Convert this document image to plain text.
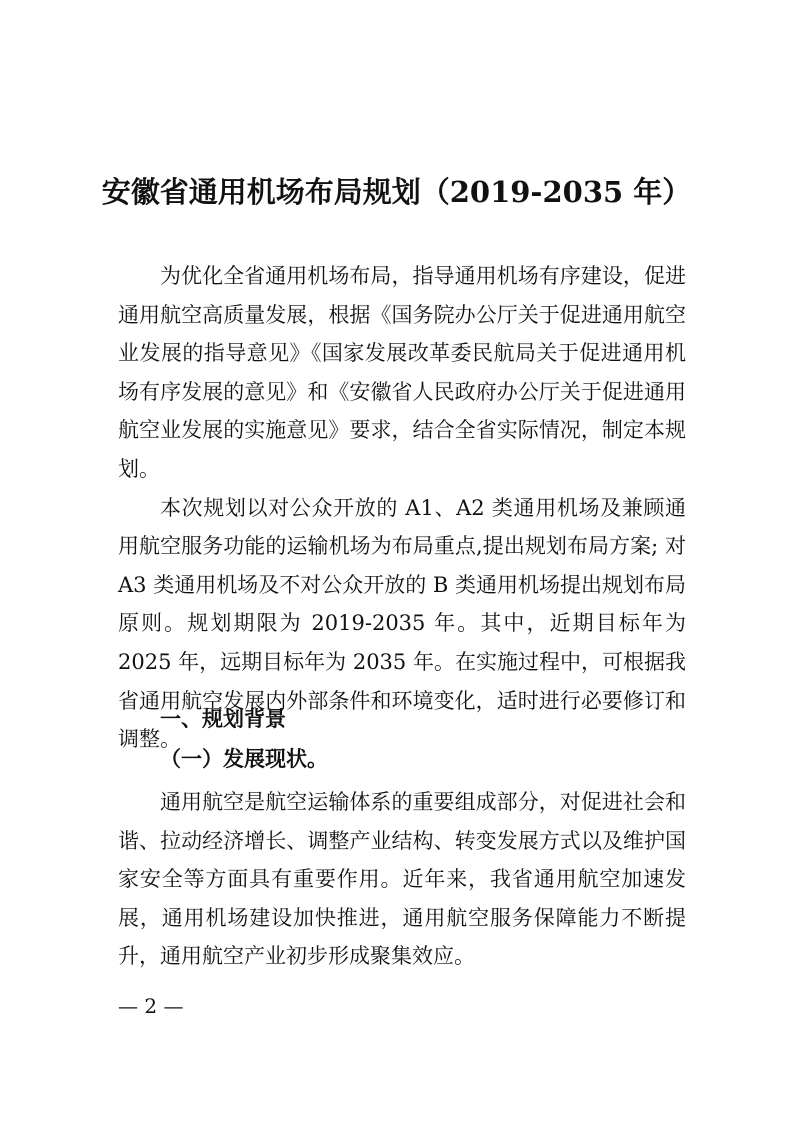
安徽省通用机场布局规划（2019-2035 年）

为优化全省通用机场布局，指导通用机场有序建设，促进通用航空高质量发展，根据《国务院办公厅关于促进通用航空业发展的指导意见》《国家发展改革委民航局关于促进通用机场有序发展的意见》和《安徽省人民政府办公厅关于促进通用航空业发展的实施意见》要求，结合全省实际情况，制定本规划。

本次规划以对公众开放的 A1、A2 类通用机场及兼顾通用航空服务功能的运输机场为布局重点,提出规划布局方案; 对 A3 类通用机场及不对公众开放的 B 类通用机场提出规划布局原则。规划期限为 2019-2035 年。其中，近期目标年为 2025 年，远期目标年为 2035 年。在实施过程中，可根据我省通用航空发展内外部条件和环境变化，适时进行必要修订和调整。

一、规划背景

（一）发展现状。

通用航空是航空运输体系的重要组成部分，对促进社会和谐、拉动经济增长、调整产业结构、转变发展方式以及维护国家安全等方面具有重要作用。近年来，我省通用航空加速发展，通用机场建设加快推进，通用航空服务保障能力不断提升，通用航空产业初步形成聚集效应。

— 2 —
